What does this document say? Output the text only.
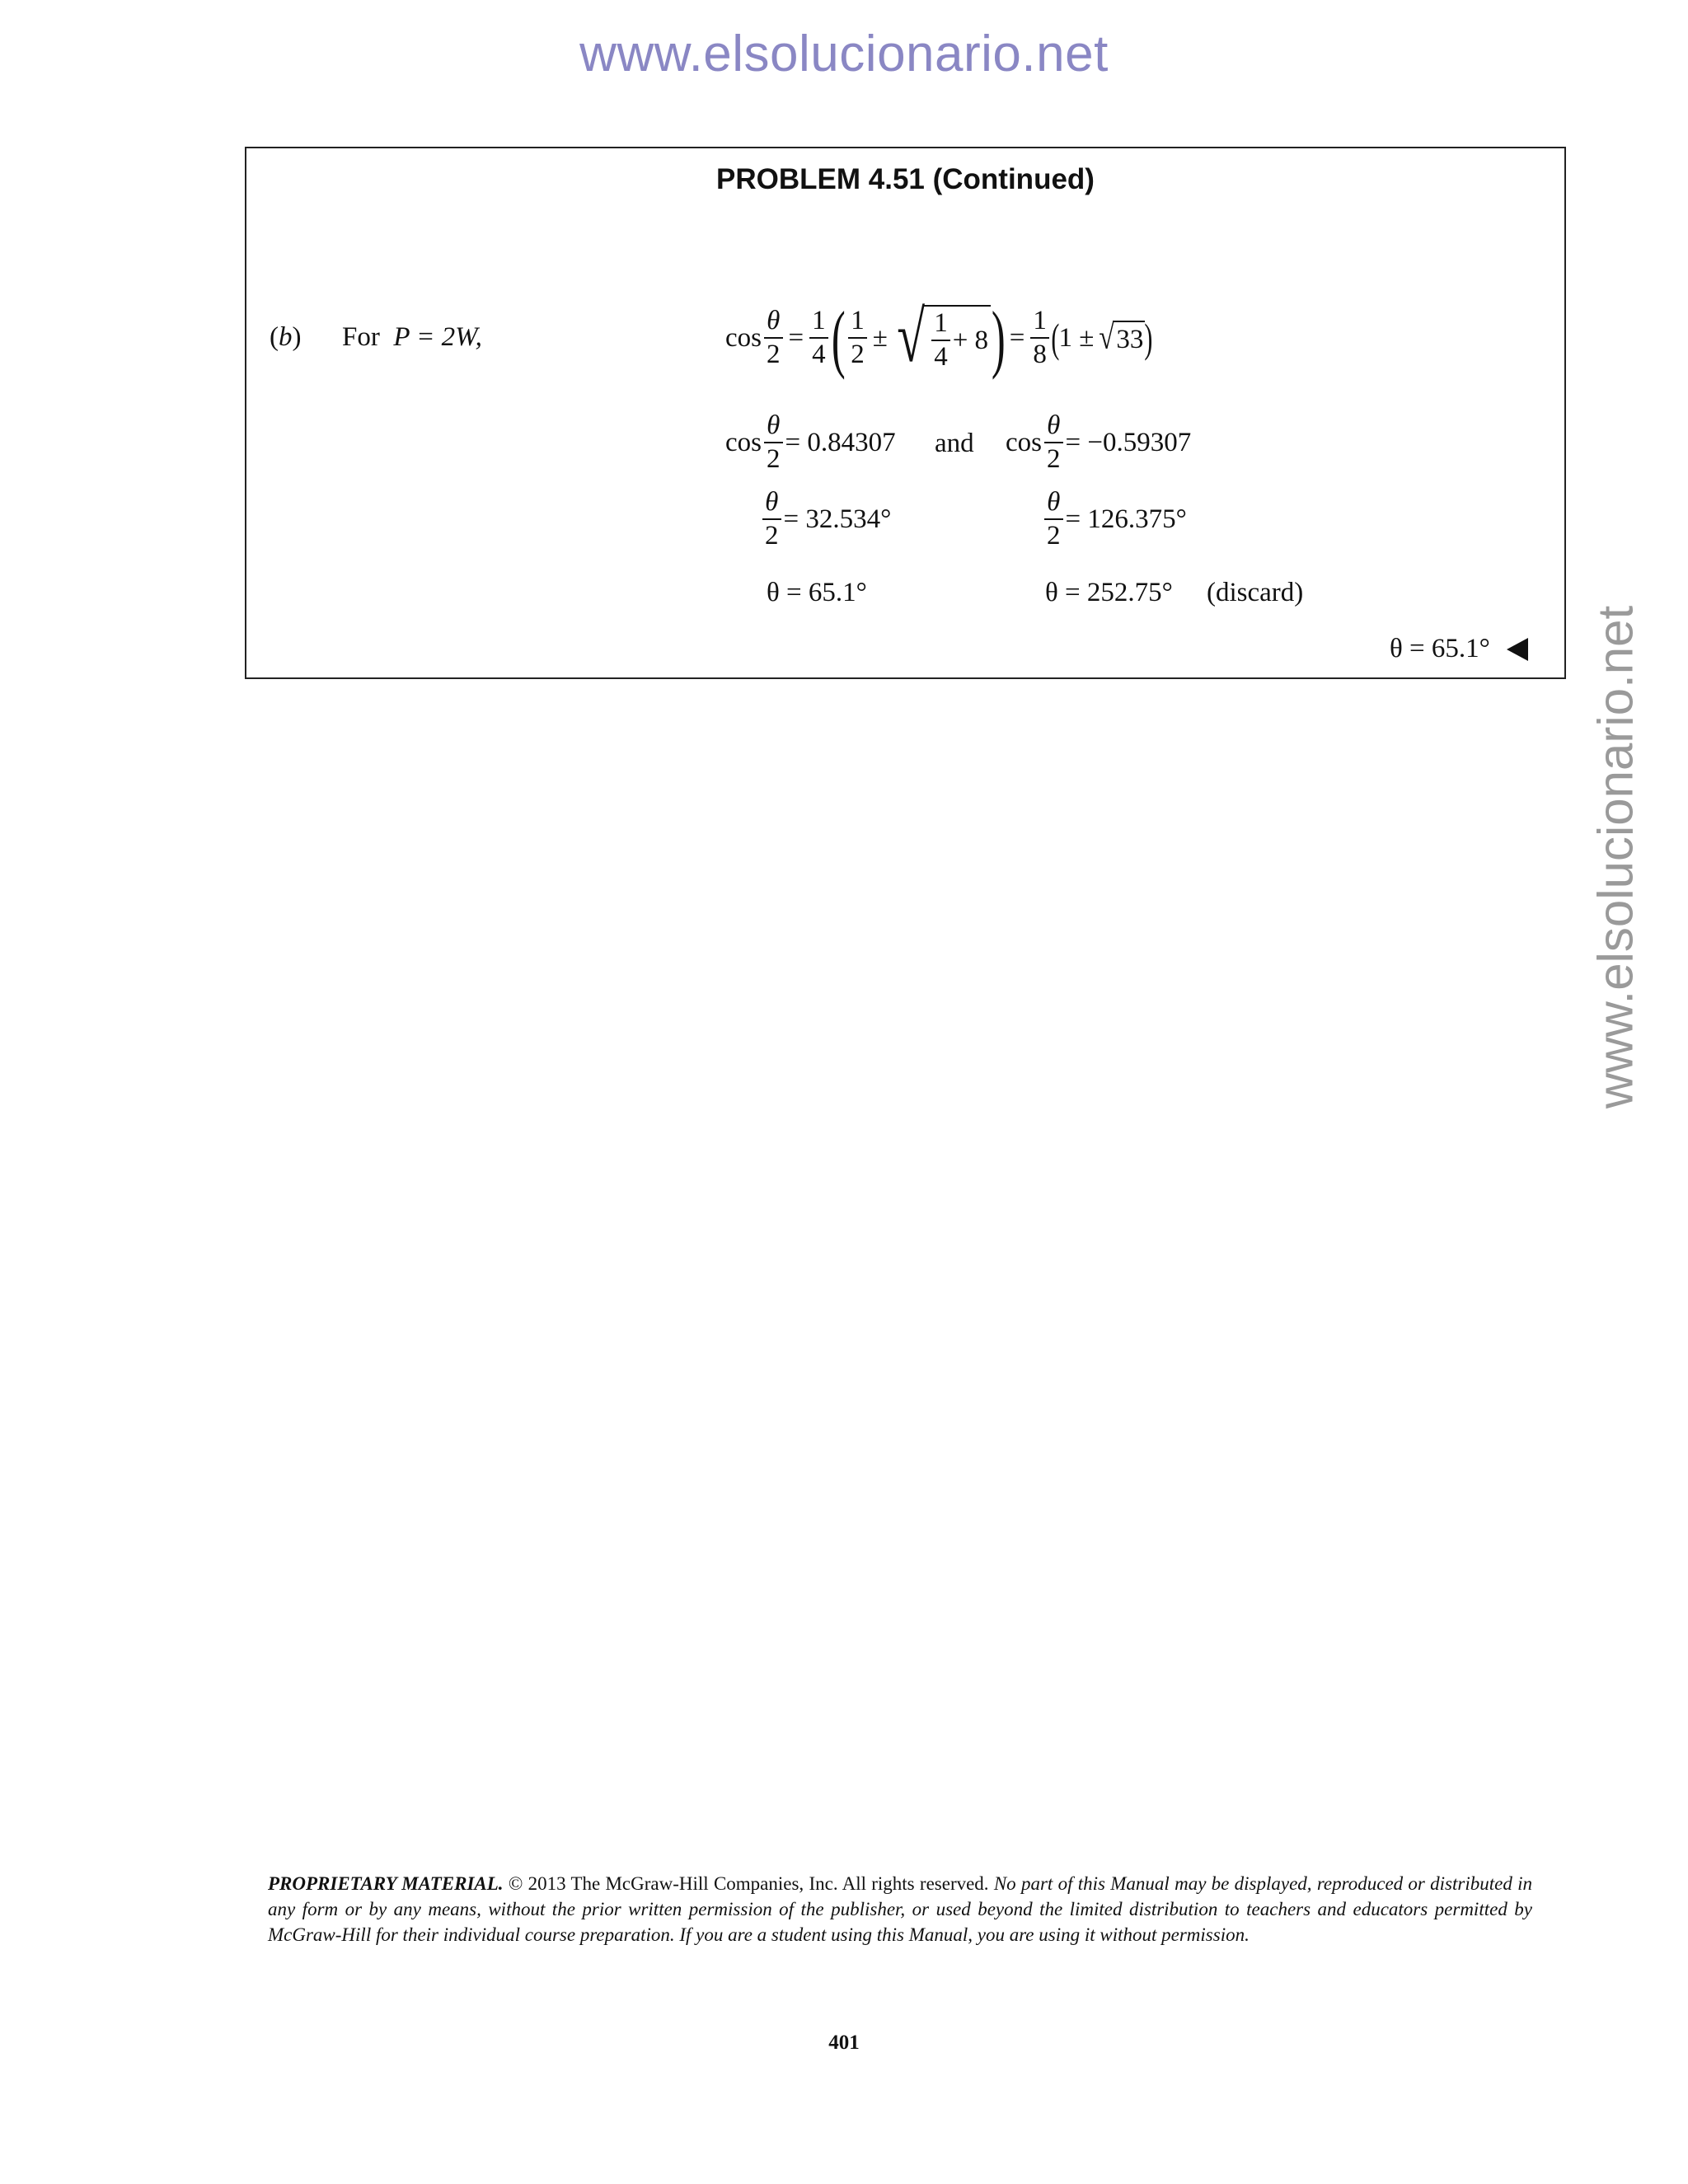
www.elsolucionario.net
www.elsolucionario.net
PROBLEM 4.51 (Continued)
(b) For P = 2W,	$\cos \frac{\theta}{2} = \frac{1}{4}$ ( $\frac{1}{2}$ ± √ $\frac{1}{4} + 8$ ) = $\frac{1}{8}$ ( 1 ± √ 33 )
$\cos \frac{\theta}{2} = 0.84307$ and $\cos \frac{\theta}{2} = -0.59307$
$\frac{\theta}{2} = 32.534^\circ$	$\frac{\theta}{2} = 126.375^\circ$
θ = 65.1°	θ = 252.75° (discard)
θ = 65.1°
PROPRIETARY MATERIAL. © 2013 The McGraw-Hill Companies, Inc. All rights reserved. No part of this Manual may be displayed, reproduced or distributed in any form or by any means, without the prior written permission of the publisher, or used beyond the limited distribution to teachers and educators permitted by McGraw-Hill for their individual course preparation. If you are a student using this Manual, you are using it without permission.
401
